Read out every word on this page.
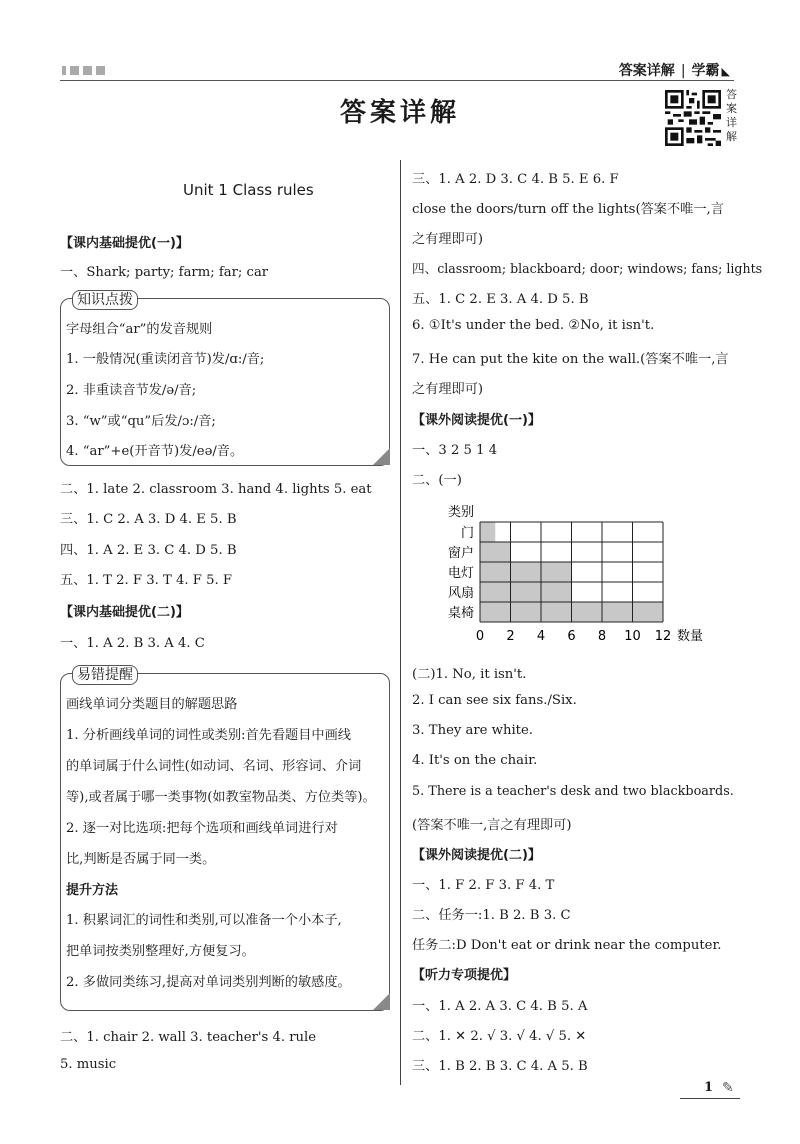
答案详解 | 学霸 ◣
答案详解
答
案
详
解
Unit 1 Class rules
【课内基础提优(一)】
一、Shark; party; farm; far; car
知识点拨
字母组合“ar”的发音规则
1. 一般情况(重读闭音节)发/ɑ:/音;
2. 非重读音节发/ə/音;
3. “w”或“qu”后发/ɔ:/音;
4. “ar”+e(开音节)发/eə/音。
二、1. late 2. classroom 3. hand 4. lights 5. eat
三、1. C 2. A 3. D 4. E 5. B
四、1. A 2. E 3. C 4. D 5. B
五、1. T 2. F 3. T 4. F 5. F
【课内基础提优(二)】
一、1. A 2. B 3. A 4. C
易错提醒
画线单词分类题目的解题思路
1. 分析画线单词的词性或类别:首先看题目中画线
的单词属于什么词性(如动词、名词、形容词、介词
等),或者属于哪一类事物(如教室物品类、方位类等)。
2. 逐一对比选项:把每个选项和画线单词进行对
比,判断是否属于同一类。
提升方法
1. 积累词汇的词性和类别,可以准备一个小本子,
把单词按类别整理好,方便复习。
2. 多做同类练习,提高对单词类别判断的敏感度。
二、1. chair 2. wall 3. teacher's 4. rule
5. music
三、1. A 2. D 3. C 4. B 5. E 6. F
close the doors/turn off the lights(答案不唯一,言
之有理即可)
四、classroom; blackboard; door; windows; fans; lights
五、1. C 2. E 3. A 4. D 5. B
6. ①It's under the bed. ②No, it isn't.
7. He can put the kite on the wall.(答案不唯一,言
之有理即可)
【课外阅读提优(一)】
一、3 2 5 1 4
二、(一)
类别
门
窗户
电灯
风扇
桌椅
0 2 4 6 8 10 12 数量
(二)1. No, it isn't.
2. I can see six fans./Six.
3. They are white.
4. It's on the chair.
5. There is a teacher's desk and two blackboards.
(答案不唯一,言之有理即可)
【课外阅读提优(二)】
一、1. F 2. F 3. F 4. T
二、任务一:1. B 2. B 3. C
任务二:D Don't eat or drink near the computer.
【听力专项提优】
一、1. A 2. A 3. C 4. B 5. A
二、1. ✕ 2. √ 3. √ 4. √ 5. ✕
三、1. B 2. B 3. C 4. A 5. B
1 ✎
